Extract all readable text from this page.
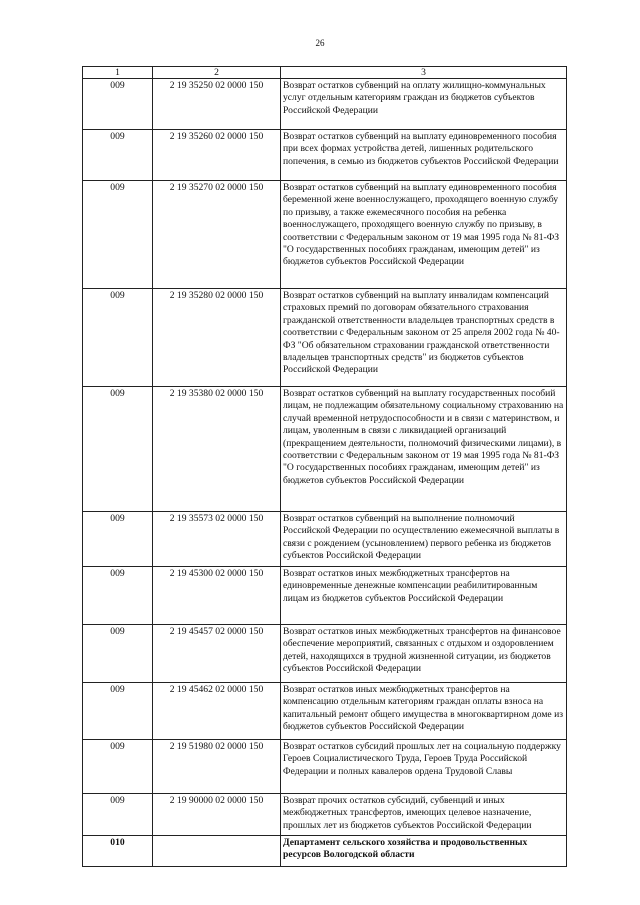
26
1	2	3
009	2 19 35250 02 0000 150	Возврат остатков субвенций на оплату жилищно-коммунальных услуг отдельным категориям граждан из бюджетов субъектов Российской Федерации
009	2 19 35260 02 0000 150	Возврат остатков субвенций на выплату единовременного пособия при всех формах устройства детей, лишенных родительского попечения, в семью из бюджетов субъектов Российской Федерации
009	2 19 35270 02 0000 150	Возврат остатков субвенций на выплату единовременного пособия беременной жене военнослужащего, проходящего военную службу по призыву, а также ежемесячного пособия на ребенка военнослужащего, проходящего военную службу по призыву, в соответствии с Федеральным законом от 19 мая 1995 года № 81-ФЗ "О государственных пособиях гражданам, имеющим детей" из бюджетов субъектов Российской Федерации
009	2 19 35280 02 0000 150	Возврат остатков субвенций на выплату инвалидам компенсаций страховых премий по договорам обязательного страхования гражданской ответственности владельцев транспортных средств в соответствии с Федеральным законом от 25 апреля 2002 года № 40-ФЗ "Об обязательном страховании гражданской ответственности владельцев транспортных средств" из бюджетов субъектов Российской Федерации
009	2 19 35380 02 0000 150	Возврат остатков субвенций на выплату государственных пособий лицам, не подлежащим обязательному социальному страхованию на случай временной нетрудоспособности и в связи с материнством, и лицам, уволенным в связи с ликвидацией организаций (прекращением деятельности, полномочий физическими лицами), в соответствии с Федеральным законом от 19 мая 1995 года № 81-ФЗ "О государственных пособиях гражданам, имеющим детей" из бюджетов субъектов Российской Федерации
009	2 19 35573 02 0000 150	Возврат остатков субвенций на выполнение полномочий Российской Федерации по осуществлению ежемесячной выплаты в связи с рождением (усыновлением) первого ребенка из бюджетов субъектов Российской Федерации
009	2 19 45300 02 0000 150	Возврат остатков иных межбюджетных трансфертов на единовременные денежные компенсации реабилитированным лицам из бюджетов субъектов Российской Федерации
009	2 19 45457 02 0000 150	Возврат остатков иных межбюджетных трансфертов на финансовое обеспечение мероприятий, связанных с отдыхом и оздоровлением детей, находящихся в трудной жизненной ситуации, из бюджетов субъектов Российской Федерации
009	2 19 45462 02 0000 150	Возврат остатков иных межбюджетных трансфертов на компенсацию отдельным категориям граждан оплаты взноса на капитальный ремонт общего имущества в многоквартирном доме из бюджетов субъектов Российской Федерации
009	2 19 51980 02 0000 150	Возврат остатков субсидий прошлых лет на социальную поддержку Героев Социалистического Труда, Героев Труда Российской Федерации и полных кавалеров ордена Трудовой Славы
009	2 19 90000 02 0000 150	Возврат прочих остатков субсидий, субвенций и иных межбюджетных трансфертов, имеющих целевое назначение, прошлых лет из бюджетов субъектов Российской Федерации
010		Департамент сельского хозяйства и продовольственных ресурсов Вологодской области
